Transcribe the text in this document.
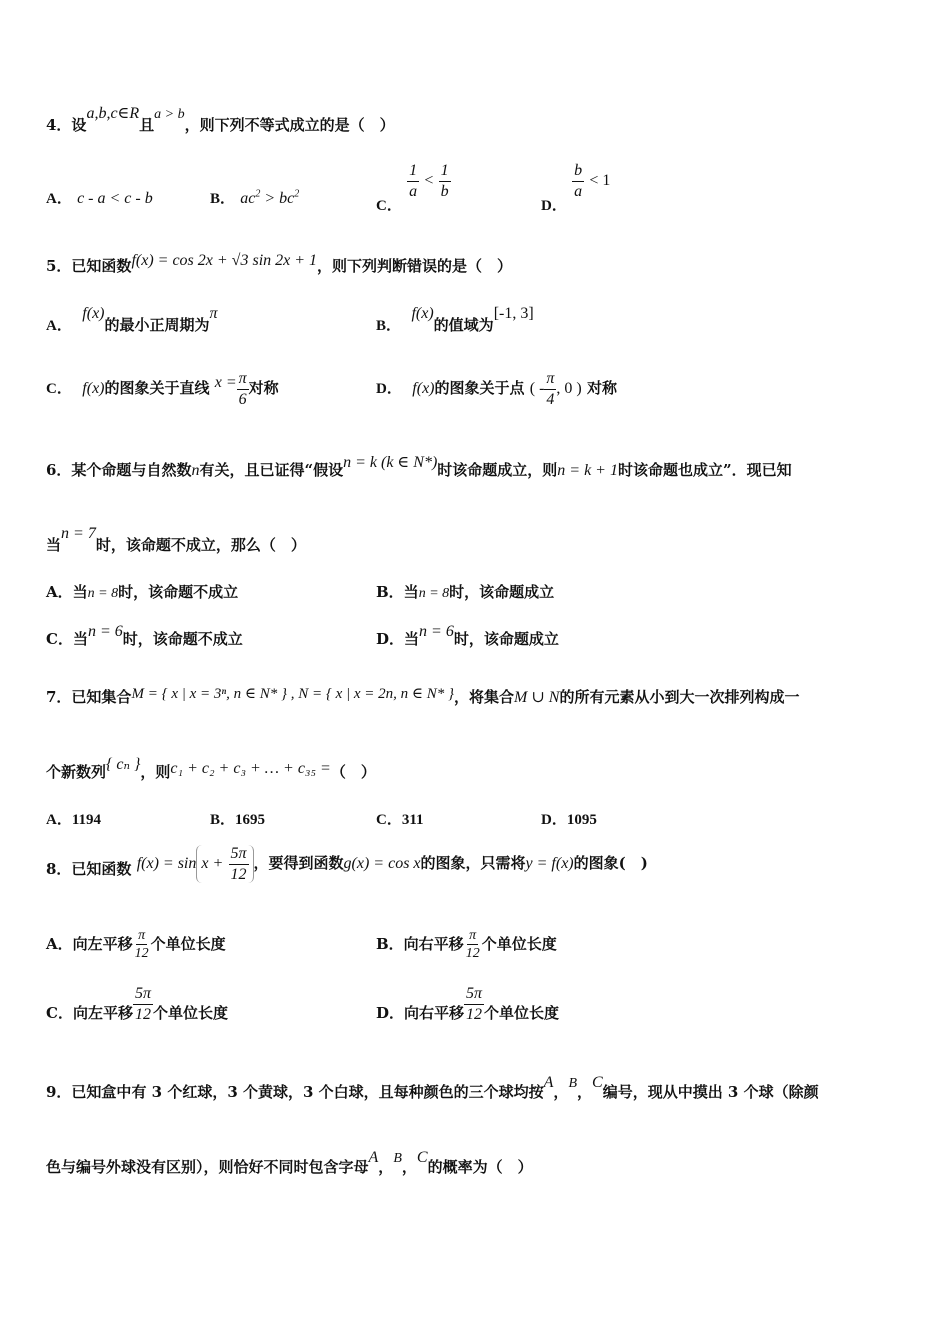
4．设a,b,c∈R且a > b，则下列不等式成立的是（　）
A． c - a < c - b	B． $ac^2 > bc^2$
C．
$\frac{1}{a} < \frac{1}{b}$
D．
$\frac{b}{a} < 1$
5．已知函数f(x) = cos 2x + √3 sin 2x + 1，则下列判断错误的是（　）
A．  f(x)的最小正周期为π
B．  f(x)的值域为[-1, 3]
C． f(x)的图象关于直线 $x = \frac{\pi}{6}$ 对称	D． f(x)的图象关于点 ( - $\frac{\pi}{4}$ , 0 ) 对称
6．某个命题与自然数n有关，且已证得“假设n = k (k ∈ N*)时该命题成立，则n = k + 1时该命题也成立”．现已知
当n = 7时，该命题不成立，那么（　）
A．当n = 8时，该命题不成立	B．当n = 8时，该命题成立
C．当n = 6时，该命题不成立	D．当n = 6时，该命题成立
7．已知集合M = { x | x = 3ⁿ, n ∈ N* } , N = { x | x = 2n, n ∈ N* }，将集合M ∪ N的所有元素从小到大一次排列构成一
个新数列{ cₙ }，则c₁ + c₂ + c₃ + … + c₃₅ =（　）
A．1194	B．1695	C．311	D．1095
8．已知函数 $f(x) = \sin x + \frac{5\pi}{12}$ ，要得到函数g(x) = cos x的图象，只需将y = f(x)的图象(　)
A．向左平移 $\frac{\pi}{12}$ 个单位长度	B．向右平移 $\frac{\pi}{12}$ 个单位长度
C．向左平移 $\frac{5\pi}{12}$ 个单位长度	D．向右平移 $\frac{5\pi}{12}$ 个单位长度
9．已知盒中有 3 个红球，3 个黄球，3 个白球，且每种颜色的三个球均按A，B，C编号，现从中摸出 3 个球（除颜
色与编号外球没有区别），则恰好不同时包含字母A，B，C的概率为（　）
